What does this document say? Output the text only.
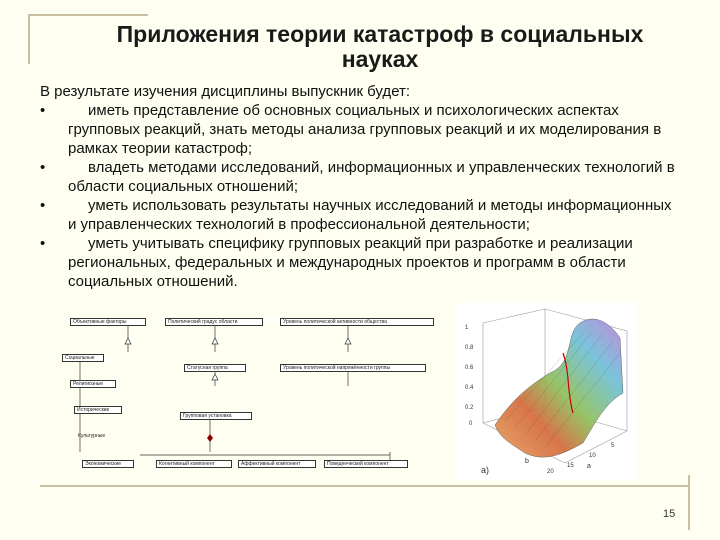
Приложения теории катастроф в социальных науках

В результате изучения дисциплины выпускник будет:

•	иметь представление об основных социальных и психологических аспектах групповых реакций, знать методы анализа групповых реакций и их моделирования в рамках теории катастроф;
•	владеть методами исследований, информационных и управленческих технологий в области социальных отношений;
•	уметь использовать результаты научных исследований и методы информационных и управленческих технологий в профессиональной деятельности;
•	уметь учитывать специфику групповых реакций при разработке и реализации региональных, федеральных и международных проектов и программ в области социальных отношений.
Объективные факторы	Политический градус области	Уровень политической активности общества
Социальные
Статусная группа	Уровень политической напряжённости группы
Религиозные
Исторические
Групповая установка
Культурные
Экономические	Когнитивный компонент	Аффективный компонент	Поведенческий компонент
1
0.8
0.6
0.4
0.2
0
20
15
10
5
a
b
a)
15
